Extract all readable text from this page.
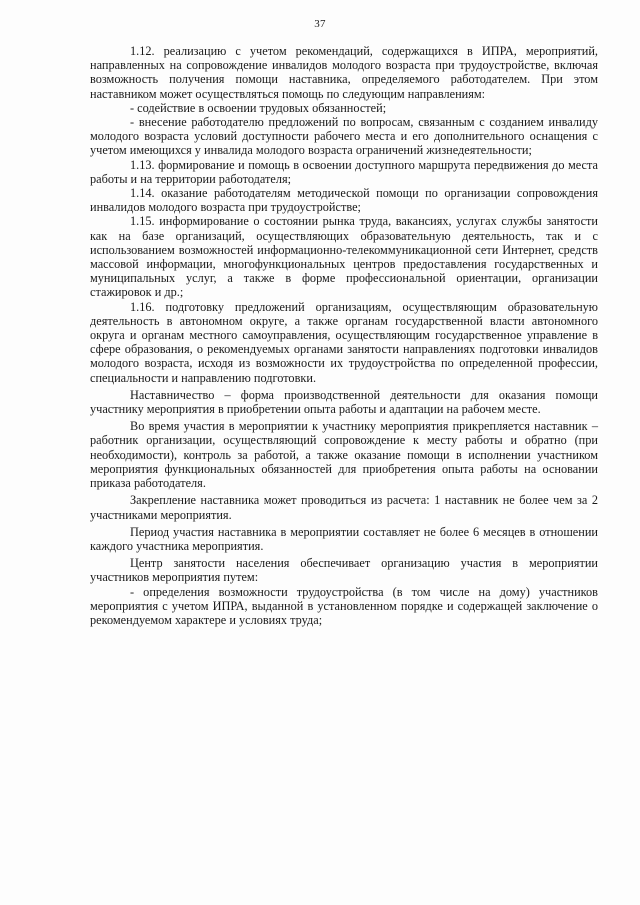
37

1.12. реализацию с учетом рекомендаций, содержащихся в ИПРА, мероприятий, направленных на сопровождение инвалидов молодого возраста при трудоустройстве, включая возможность получения помощи наставника, определяемого работодателем. При этом наставником может осуществляться помощь по следующим направлениям:

- содействие в освоении трудовых обязанностей;

- внесение работодателю предложений по вопросам, связанным с созданием инвалиду молодого возраста условий доступности рабочего места и его дополнительного оснащения с учетом имеющихся у инвалида молодого возраста ограничений жизнедеятельности;

1.13. формирование и помощь в освоении доступного маршрута передвижения до места работы и на территории работодателя;

1.14. оказание работодателям методической помощи по организации сопровождения инвалидов молодого возраста при трудоустройстве;

1.15. информирование о состоянии рынка труда, вакансиях, услугах службы занятости как на базе организаций, осуществляющих образовательную деятельность, так и с использованием возможностей информационно-телекоммуникационной сети Интернет, средств массовой информации, многофункциональных центров предоставления государственных и муниципальных услуг, а также в форме профессиональной ориентации, организации стажировок и др.;

1.16. подготовку предложений организациям, осуществляющим образовательную деятельность в автономном округе, а также органам государственной власти автономного округа и органам местного самоуправления, осуществляющим государственное управление в сфере образования, о рекомендуемых органами занятости направлениях подготовки инвалидов молодого возраста, исходя из возможности их трудоустройства по определенной профессии, специальности и направлению подготовки.

Наставничество – форма производственной деятельности для оказания помощи участнику мероприятия в приобретении опыта работы и адаптации на рабочем месте.

Во время участия в мероприятии к участнику мероприятия прикрепляется наставник – работник организации, осуществляющий сопровождение к месту работы и обратно (при необходимости), контроль за работой, а также оказание помощи в исполнении участником мероприятия функциональных обязанностей для приобретения опыта работы на основании приказа работодателя.

Закрепление наставника может проводиться из расчета: 1 наставник не более чем за 2 участниками мероприятия.

Период участия наставника в мероприятии составляет не более 6 месяцев в отношении каждого участника мероприятия.

Центр занятости населения обеспечивает организацию участия в мероприятии участников мероприятия путем:

- определения возможности трудоустройства (в том числе на дому) участников мероприятия с учетом ИПРА, выданной в установленном порядке и содержащей заключение о рекомендуемом характере и условиях труда;
